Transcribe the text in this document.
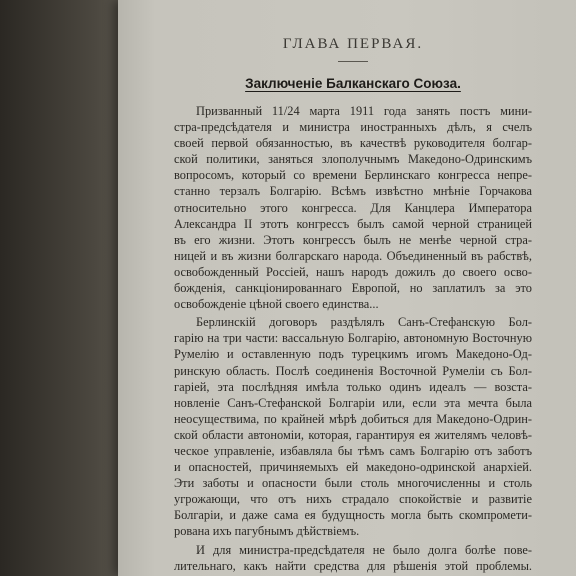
ГЛАВА ПЕРВАЯ.
Заключенiе Балканскаго Союза.
Призванный 11/24 марта 1911 года занять постъ мини-
стра-предсѣдателя и министра иностранныхъ дѣлъ, я счелъ
своей первой обязанностью, въ качествѣ руководителя болгар-
ской политики, заняться злополучнымъ Македоно-Одринскимъ
вопросомъ, который со времени Берлинскаго конгресса непре-
станно терзалъ Болгарiю. Всѣмъ извѣстно мнѣнiе Горчакова
относительно этого конгресса. Для Канцлера Императора
Александра II этотъ конгрессъ былъ самой черной страницей
въ его жизни. Этотъ конгрессъ былъ не менѣе черной стра-
ницей и въ жизни болгарскаго народа. Объединенный въ рабствѣ,
освобожденный Россiей, нашъ народъ дожилъ до своего осво-
божденiя, санкцiонированнаго Европой, но заплатилъ за это
освобожденiе цѣной своего единства...
Берлинскiй договоръ раздѣлялъ Санъ-Стефанскую Бол-
гарiю на три части: вассальную Болгарiю, автономную Восточную
Румелiю и оставленную подъ турецкимъ игомъ Македоно-Од-
ринскую область. Послѣ соединенiя Восточной Румелiи съ Бол-
гарiей, эта послѣдняя имѣла только одинъ идеалъ — возста-
новленiе Санъ-Стефанской Болгарiи или, если эта мечта была
неосуществима, по крайней мѣрѣ добиться для Македоно-Одрин-
ской области автономiи, которая, гарантируя ея жителямъ человѣ-
ческое управленiе, избавляла бы тѣмъ самъ Болгарiю отъ заботъ
и опасностей, причиняемыхъ ей македоно-одринской анархiей.
Эти заботы и опасности были столь многочисленны и столь
угрожающи, что отъ нихъ страдало спокойствiе и развитiе
Болгарiи, и даже сама ея будущность могла быть скомпромети-
рована ихъ пагубнымъ дѣйствiемъ.
И для министра-предсѣдателя не было долга болѣе пове-
лительнаго, какъ найти средства для рѣшенiя этой проблемы.
